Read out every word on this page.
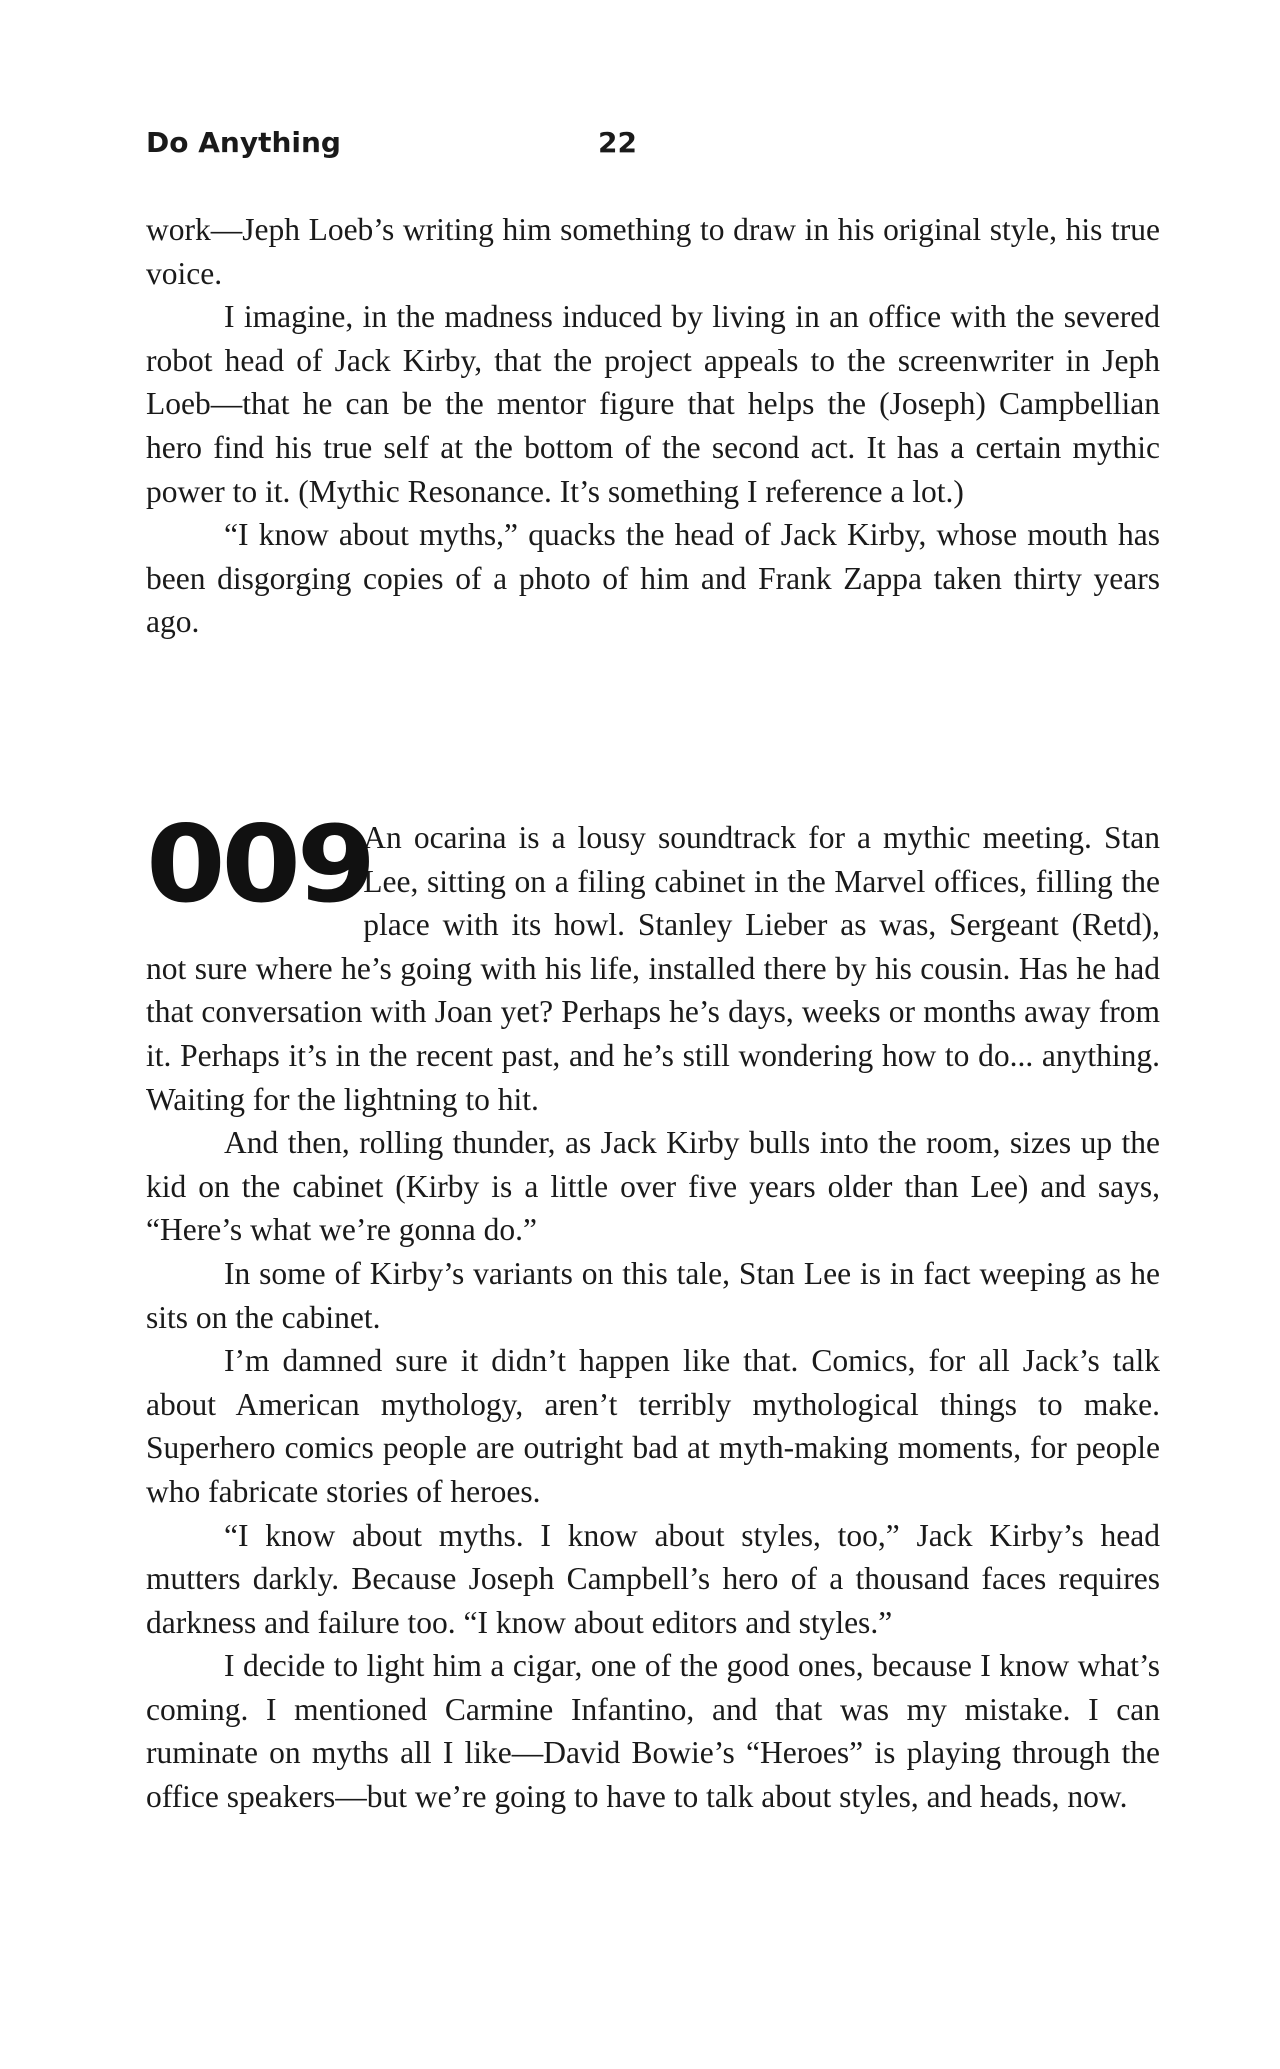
Do Anything	22

work—Jeph Loeb’s writing him something to draw in his original style, his true voice.

I imagine, in the madness induced by living in an office with the severed robot head of Jack Kirby, that the project appeals to the screenwriter in Jeph Loeb—that he can be the mentor figure that helps the (Joseph) Campbellian hero find his true self at the bottom of the second act. It has a certain mythic power to it. (Mythic Resonance. It’s something I reference a lot.)

“I know about myths,” quacks the head of Jack Kirby, whose mouth has been disgorging copies of a photo of him and Frank Zappa taken thirty years ago.

009

An ocarina is a lousy soundtrack for a mythic meeting. Stan Lee, sitting on a filing cabinet in the Marvel offices, filling the place with its howl. Stanley Lieber as was, Sergeant (Retd), not sure where he’s going with his life, installed there by his cousin. Has he had that conversation with Joan yet? Perhaps he’s days, weeks or months away from it. Perhaps it’s in the recent past, and he’s still wondering how to do... anything. Waiting for the lightning to hit.

And then, rolling thunder, as Jack Kirby bulls into the room, sizes up the kid on the cabinet (Kirby is a little over five years older than Lee) and says, “Here’s what we’re gonna do.”

In some of Kirby’s variants on this tale, Stan Lee is in fact weeping as he sits on the cabinet.

I’m damned sure it didn’t happen like that. Comics, for all Jack’s talk about American mythology, aren’t terribly mythological things to make. Superhero comics people are outright bad at myth-making moments, for people who fabricate stories of heroes.

“I know about myths. I know about styles, too,” Jack Kirby’s head mutters darkly. Because Joseph Campbell’s hero of a thousand faces requires darkness and failure too. “I know about editors and styles.”

I decide to light him a cigar, one of the good ones, because I know what’s coming. I mentioned Carmine Infantino, and that was my mistake. I can ruminate on myths all I like—David Bowie’s “Heroes” is playing through the office speakers—but we’re going to have to talk about styles, and heads, now.
